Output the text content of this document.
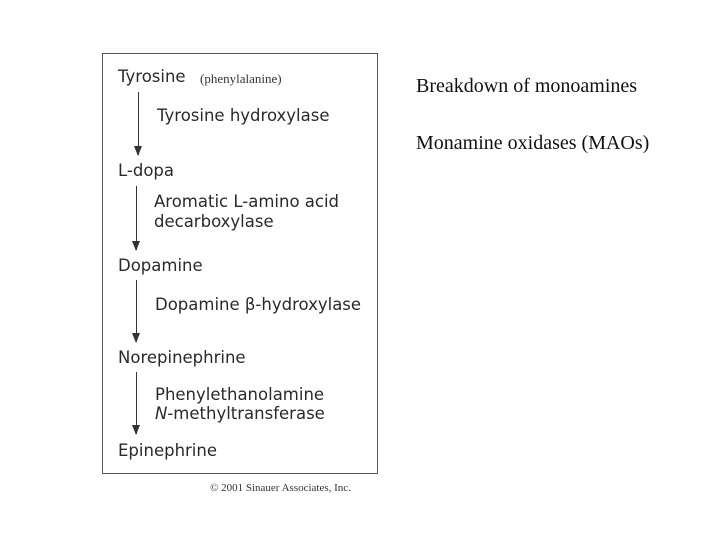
Tyrosine (phenylalanine)
Tyrosine hydroxylase
L-dopa
Aromatic L-amino acid
decarboxylase
Dopamine
Dopamine β-hydroxylase
Norepinephrine
Phenylethanolamine
N-methyltransferase
Epinephrine
© 2001 Sinauer Associates, Inc.
Breakdown of monoamines
Monamine oxidases (MAOs)
